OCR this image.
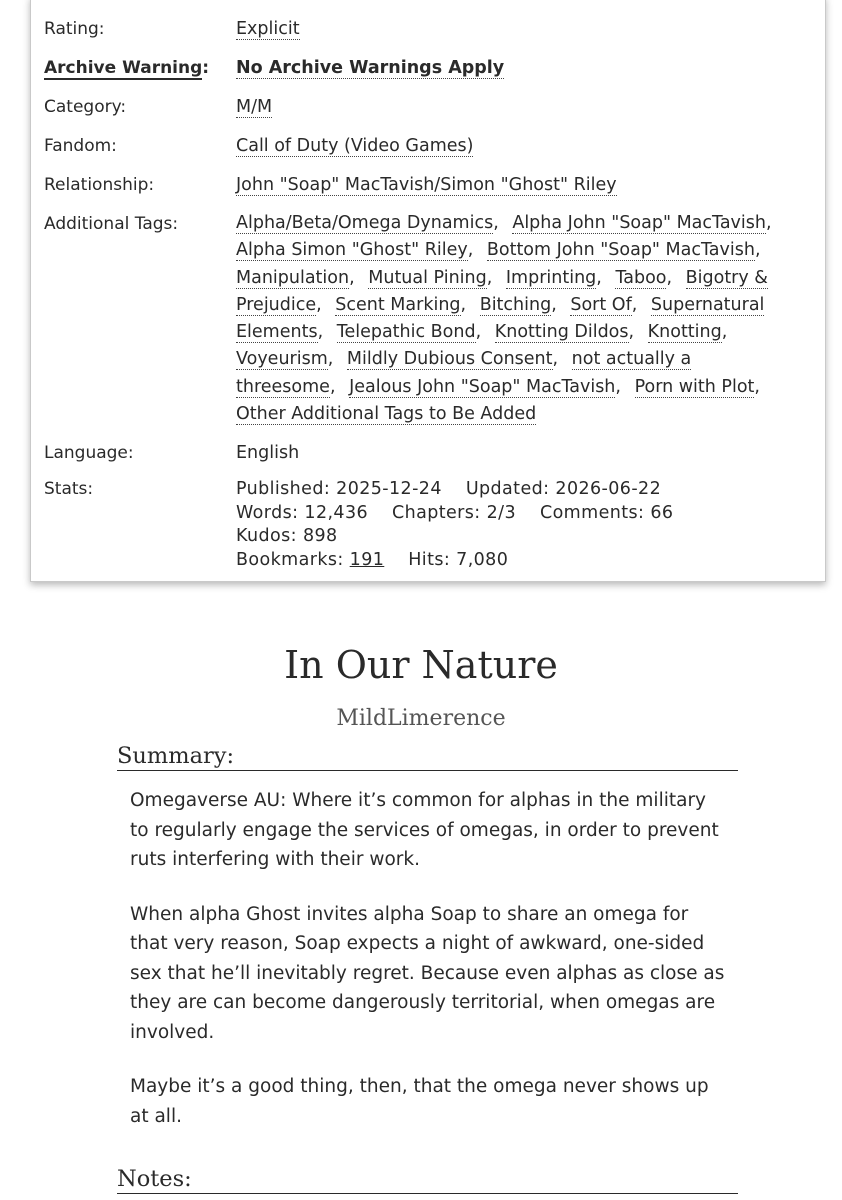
Rating:	Explicit
Archive Warning: No Archive Warnings Apply
Category:	M/M
Fandom:	Call of Duty (Video Games)
Relationship:	John "Soap" MacTavish/Simon "Ghost" Riley
Additional Tags:	Alpha/Beta/Omega Dynamics, Alpha John "Soap" MacTavish, Alpha Simon "Ghost" Riley, Bottom John "Soap" MacTavish, Manipulation, Mutual Pining, Imprinting, Taboo, Bigotry & Prejudice, Scent Marking, Bitching, Sort Of, Supernatural Elements, Telepathic Bond, Knotting Dildos, Knotting, Voyeurism, Mildly Dubious Consent, not actually a threesome, Jealous John "Soap" MacTavish, Porn with Plot, Other Additional Tags to Be Added
Language:	English
Stats:	Published: 2025-12-24 Updated: 2026-06-22 Words: 12,436 Chapters: 2/3 Comments: 66 Kudos: 898
Bookmarks: 191 Hits: 7,080
In Our Nature
MildLimerence
Summary:

Omegaverse AU: Where it’s common for alphas in the military to regularly engage the services of omegas, in order to prevent ruts interfering with their work.

When alpha Ghost invites alpha Soap to share an omega for that very reason, Soap expects a night of awkward, one-sided sex that he’ll inevitably regret. Because even alphas as close as they are can become dangerously territorial, when omegas are involved.

Maybe it’s a good thing, then, that the omega never shows up at all.

Notes:
